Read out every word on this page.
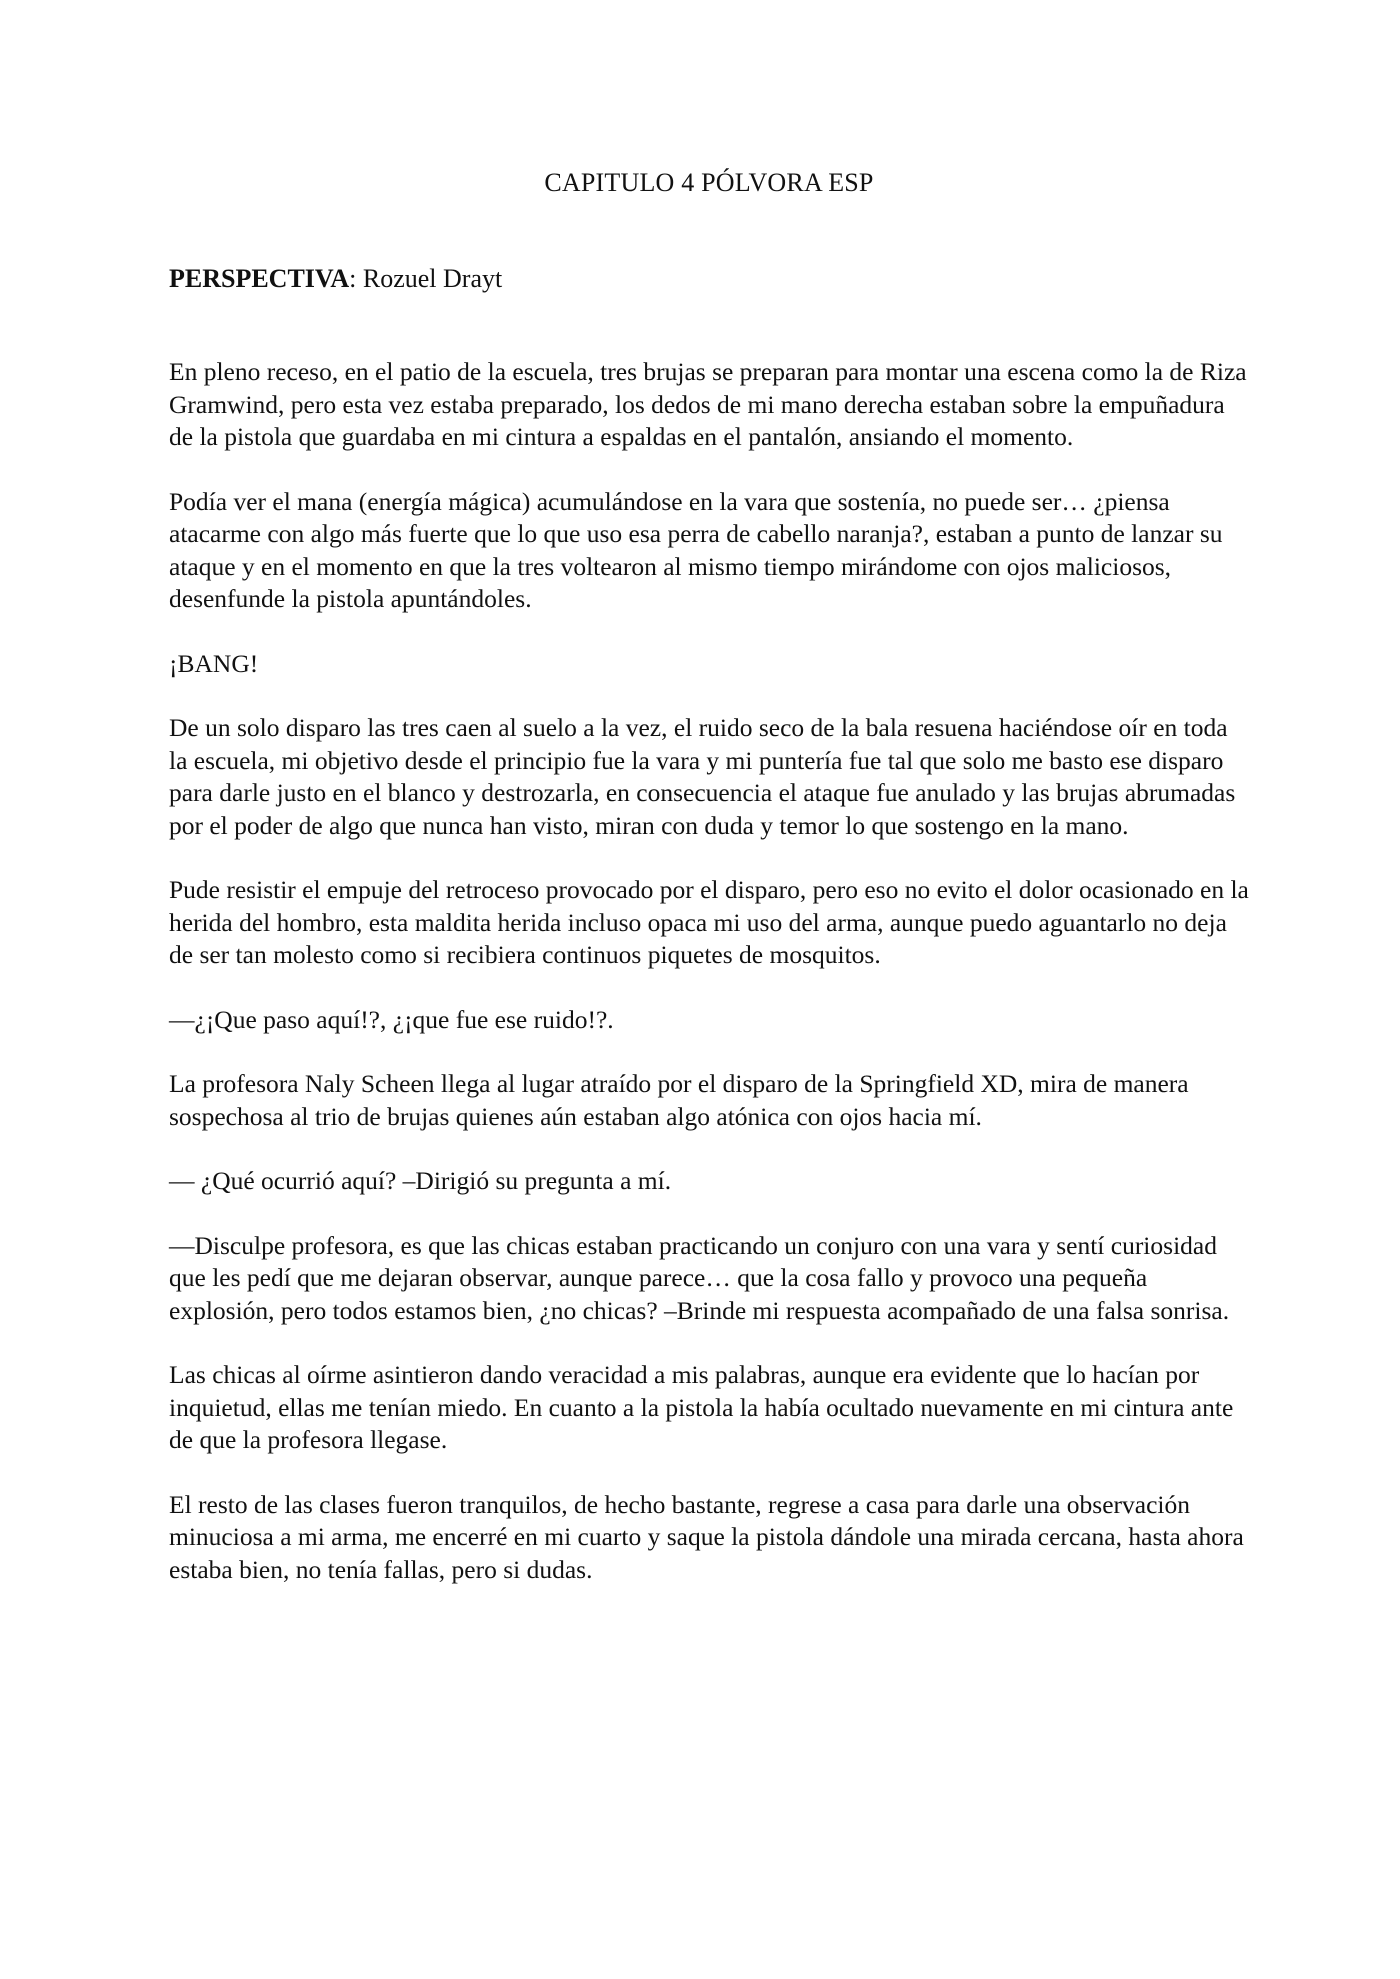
CAPITULO 4 PÓLVORA ESP

PERSPECTIVA: Rozuel Drayt

En pleno receso, en el patio de la escuela, tres brujas se preparan para montar una escena como la de Riza Gramwind, pero esta vez estaba preparado, los dedos de mi mano derecha estaban sobre la empuñadura de la pistola que guardaba en mi cintura a espaldas en el pantalón, ansiando el momento.

Podía ver el mana (energía mágica) acumulándose en la vara que sostenía, no puede ser… ¿piensa atacarme con algo más fuerte que lo que uso esa perra de cabello naranja?, estaban a punto de lanzar su ataque y en el momento en que la tres voltearon al mismo tiempo mirándome con ojos maliciosos, desenfunde la pistola apuntándoles.

¡BANG!

De un solo disparo las tres caen al suelo a la vez, el ruido seco de la bala resuena haciéndose oír en toda la escuela, mi objetivo desde el principio fue la vara y mi puntería fue tal que solo me basto ese disparo para darle justo en el blanco y destrozarla, en consecuencia el ataque fue anulado y las brujas abrumadas por el poder de algo que nunca han visto, miran con duda y temor lo que sostengo en la mano.

Pude resistir el empuje del retroceso provocado por el disparo, pero eso no evito el dolor ocasionado en la herida del hombro, esta maldita herida incluso opaca mi uso del arma, aunque puedo aguantarlo no deja de ser tan molesto como si recibiera continuos piquetes de mosquitos.

—¿¡Que paso aquí!?, ¿¡que fue ese ruido!?.

La profesora Naly Scheen llega al lugar atraído por el disparo de la Springfield XD, mira de manera sospechosa al trio de brujas quienes aún estaban algo atónica con ojos hacia mí.

— ¿Qué ocurrió aquí? –Dirigió su pregunta a mí.

—Disculpe profesora, es que las chicas estaban practicando un conjuro con una vara y sentí curiosidad que les pedí que me dejaran observar, aunque parece… que la cosa fallo y provoco una pequeña explosión, pero todos estamos bien, ¿no chicas? –Brinde mi respuesta acompañado de una falsa sonrisa.

Las chicas al oírme asintieron dando veracidad a mis palabras, aunque era evidente que lo hacían por inquietud, ellas me tenían miedo. En cuanto a la pistola la había ocultado nuevamente en mi cintura ante de que la profesora llegase.

El resto de las clases fueron tranquilos, de hecho bastante, regrese a casa para darle una observación minuciosa a mi arma, me encerré en mi cuarto y saque la pistola dándole una mirada cercana, hasta ahora estaba bien, no tenía fallas, pero si dudas.
